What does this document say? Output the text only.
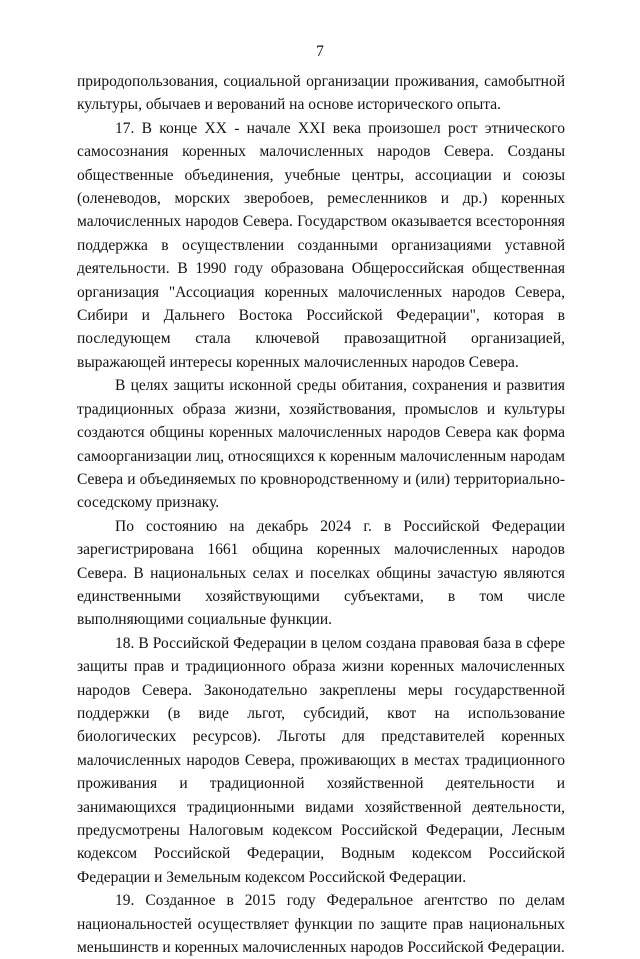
7

природопользования, социальной организации проживания, самобытной культуры, обычаев и верований на основе исторического опыта.

17. В конце XX - начале XXI века произошел рост этнического самосознания коренных малочисленных народов Севера. Созданы общественные объединения, учебные центры, ассоциации и союзы (оленеводов, морских зверобоев, ремесленников и др.) коренных малочисленных народов Севера. Государством оказывается всесторонняя поддержка в осуществлении созданными организациями уставной деятельности. В 1990 году образована Общероссийская общественная организация "Ассоциация коренных малочисленных народов Севера, Сибири и Дальнего Востока Российской Федерации", которая в последующем стала ключевой правозащитной организацией, выражающей интересы коренных малочисленных народов Севера.

В целях защиты исконной среды обитания, сохранения и развития традиционных образа жизни, хозяйствования, промыслов и культуры создаются общины коренных малочисленных народов Севера как форма самоорганизации лиц, относящихся к коренным малочисленным народам Севера и объединяемых по кровнородственному и (или) территориально-соседскому признаку.

По состоянию на декабрь 2024 г. в Российской Федерации зарегистрирована 1661 община коренных малочисленных народов Севера. В национальных селах и поселках общины зачастую являются единственными хозяйствующими субъектами, в том числе выполняющими социальные функции.

18. В Российской Федерации в целом создана правовая база в сфере защиты прав и традиционного образа жизни коренных малочисленных народов Севера. Законодательно закреплены меры государственной поддержки (в виде льгот, субсидий, квот на использование биологических ресурсов). Льготы для представителей коренных малочисленных народов Севера, проживающих в местах традиционного проживания и традиционной хозяйственной деятельности и занимающихся традиционными видами хозяйственной деятельности, предусмотрены Налоговым кодексом Российской Федерации, Лесным кодексом Российской Федерации, Водным кодексом Российской Федерации и Земельным кодексом Российской Федерации.

19. Созданное в 2015 году Федеральное агентство по делам национальностей осуществляет функции по защите прав национальных меньшинств и коренных малочисленных народов Российской Федерации.
